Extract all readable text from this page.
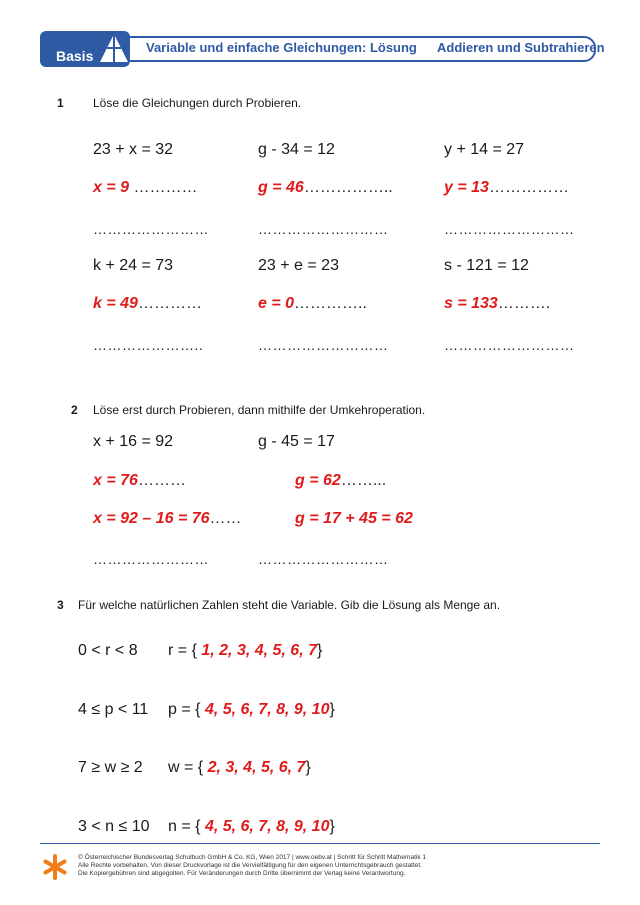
Basis
Variable und einfache Gleichungen: Lösung Addieren und Subtrahieren
1 Löse die Gleichungen durch Probieren.
23 + x = 32	g - 34 = 12	y + 14 = 27
x = 9 …………	g = 46……………..	y = 13……………
……………………	………………………	………………………
k + 24 = 73	23 + e = 23	s - 121 = 12
k = 49…………	e = 0…………..	s = 133……….
…………………..	………………………	………………………
2 Löse erst durch Probieren, dann mithilfe der Umkehroperation.
x + 16 = 92	g - 45 = 17
x = 76………	g = 62……...
x = 92 – 16 = 76……	g = 17 + 45 = 62
……………………	………………………
3 Für welche natürlichen Zahlen steht die Variable. Gib die Lösung als Menge an.
0 < r < 8 r = { 1, 2, 3, 4, 5, 6, 7}
4 ≤ p < 11 p = { 4, 5, 6, 7, 8, 9, 10}
7 ≥ w ≥ 2 w = { 2, 3, 4, 5, 6, 7}
3 < n ≤ 10 n = { 4, 5, 6, 7, 8, 9, 10}
© Österreichischer Bundesverlag Schulbuch GmbH & Co. KG, Wien 2017 | www.oebv.at | Schritt für Schritt Mathematik 1
Alle Rechte vorbehalten. Von dieser Druckvorlage ist die Vervielfältigung für den eigenen Unterrichtsgebrauch gestattet.
Die Kopiergebühren sind abgegolten. Für Veränderungen durch Dritte übernimmt der Verlag keine Verantwortung.
